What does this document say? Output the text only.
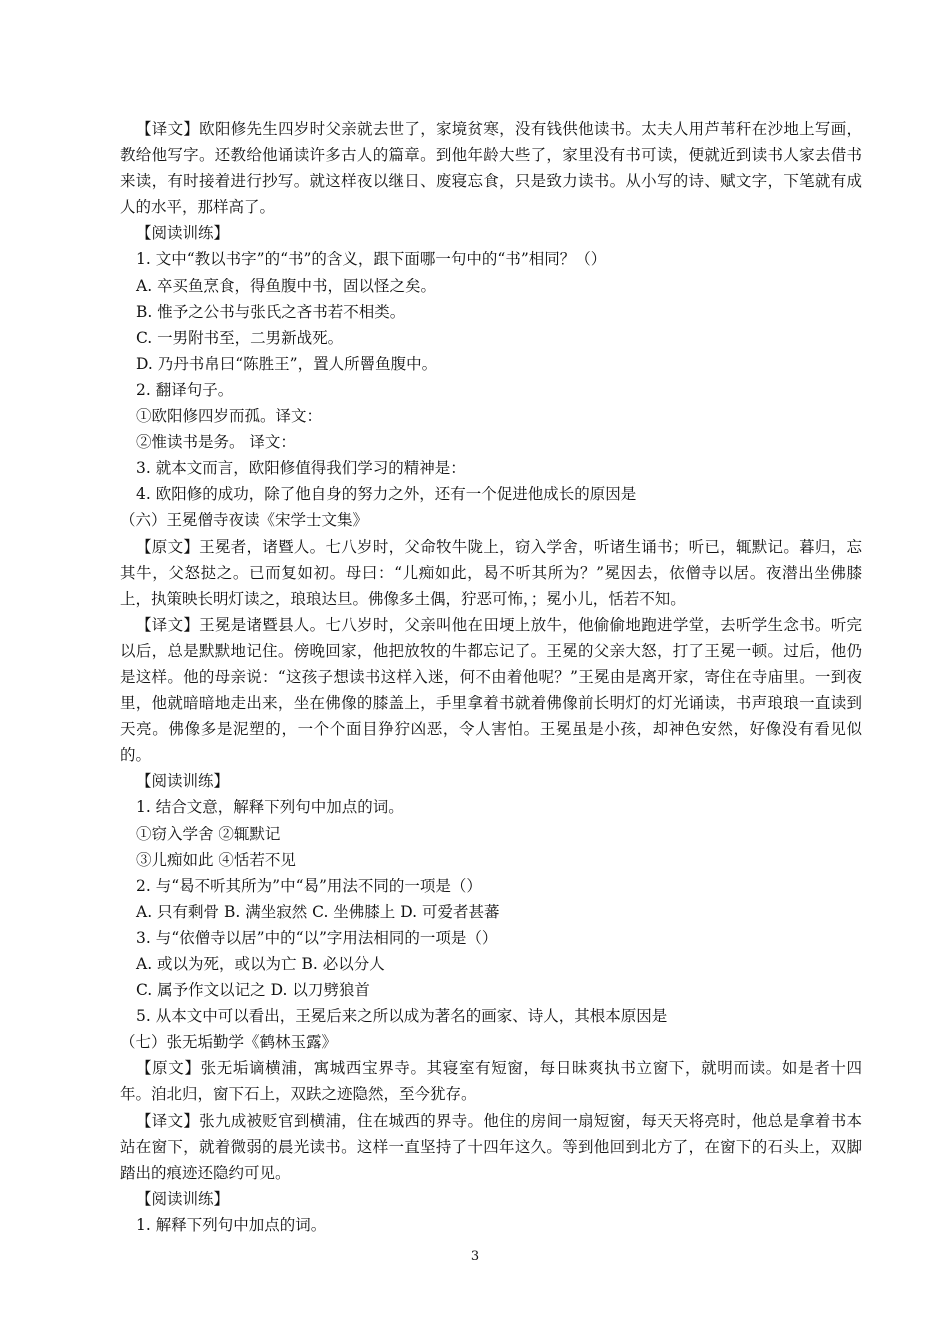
【译文】欧阳修先生四岁时父亲就去世了，家境贫寒，没有钱供他读书。太夫人用芦苇秆在沙地上写画，教给他写字。还教给他诵读许多古人的篇章。到他年龄大些了，家里没有书可读，便就近到读书人家去借书来读，有时接着进行抄写。就这样夜以继日、废寝忘食，只是致力读书。从小写的诗、赋文字，下笔就有成人的水平，那样高了。

【阅读训练】

1. 文中“教以书字”的“书”的含义，跟下面哪一句中的“书”相同？（）

A. 卒买鱼烹食，得鱼腹中书，固以怪之矣。

B. 惟予之公书与张氏之吝书若不相类。

C. 一男附书至，二男新战死。

D. 乃丹书帛曰“陈胜王”，置人所罾鱼腹中。

2. 翻译句子。

①欧阳修四岁而孤。译文：

②惟读书是务。 译文：

3. 就本文而言，欧阳修值得我们学习的精神是：

4. 欧阳修的成功，除了他自身的努力之外，还有一个促进他成长的原因是

（六）王冕僧寺夜读《宋学士文集》

【原文】王冕者，诸暨人。七八岁时，父命牧牛陇上，窃入学舍，听诸生诵书；听已，辄默记。暮归，忘其牛，父怒挞之。已而复如初。母曰：“儿痴如此，曷不听其所为？”冕因去，依僧寺以居。夜潜出坐佛膝上，执策映长明灯读之，琅琅达旦。佛像多土偶，狞恶可怖，；冕小儿，恬若不知。

【译文】王冕是诸暨县人。七八岁时，父亲叫他在田埂上放牛，他偷偷地跑进学堂，去听学生念书。听完以后，总是默默地记住。傍晚回家，他把放牧的牛都忘记了。王冕的父亲大怒，打了王冕一顿。过后，他仍是这样。他的母亲说：“这孩子想读书这样入迷，何不由着他呢？”王冕由是离开家，寄住在寺庙里。一到夜里，他就暗暗地走出来，坐在佛像的膝盖上，手里拿着书就着佛像前长明灯的灯光诵读，书声琅琅一直读到天亮。佛像多是泥塑的，一个个面目狰狞凶恶，令人害怕。王冕虽是小孩，却神色安然，好像没有看见似的。

【阅读训练】

1. 结合文意，解释下列句中加点的词。

①窃入学舍 ②辄默记

③儿痴如此 ④恬若不见

2. 与“曷不听其所为”中“曷”用法不同的一项是（）

A. 只有剩骨 B. 满坐寂然 C. 坐佛膝上 D. 可爱者甚蕃

3. 与“依僧寺以居”中的“以”字用法相同的一项是（）

A. 或以为死，或以为亡 B. 必以分人

C. 属予作文以记之 D. 以刀劈狼首

5. 从本文中可以看出，王冕后来之所以成为著名的画家、诗人，其根本原因是

（七）张无垢勤学《鹤林玉露》

【原文】张无垢谪横浦，寓城西宝界寺。其寝室有短窗，每日昧爽执书立窗下，就明而读。如是者十四年。洎北归，窗下石上，双趺之迹隐然，至今犹存。

【译文】张九成被贬官到横浦，住在城西的界寺。他住的房间一扇短窗，每天天将亮时，他总是拿着书本站在窗下，就着微弱的晨光读书。这样一直坚持了十四年这久。等到他回到北方了，在窗下的石头上，双脚踏出的痕迹还隐约可见。

【阅读训练】

1. 解释下列句中加点的词。

3
